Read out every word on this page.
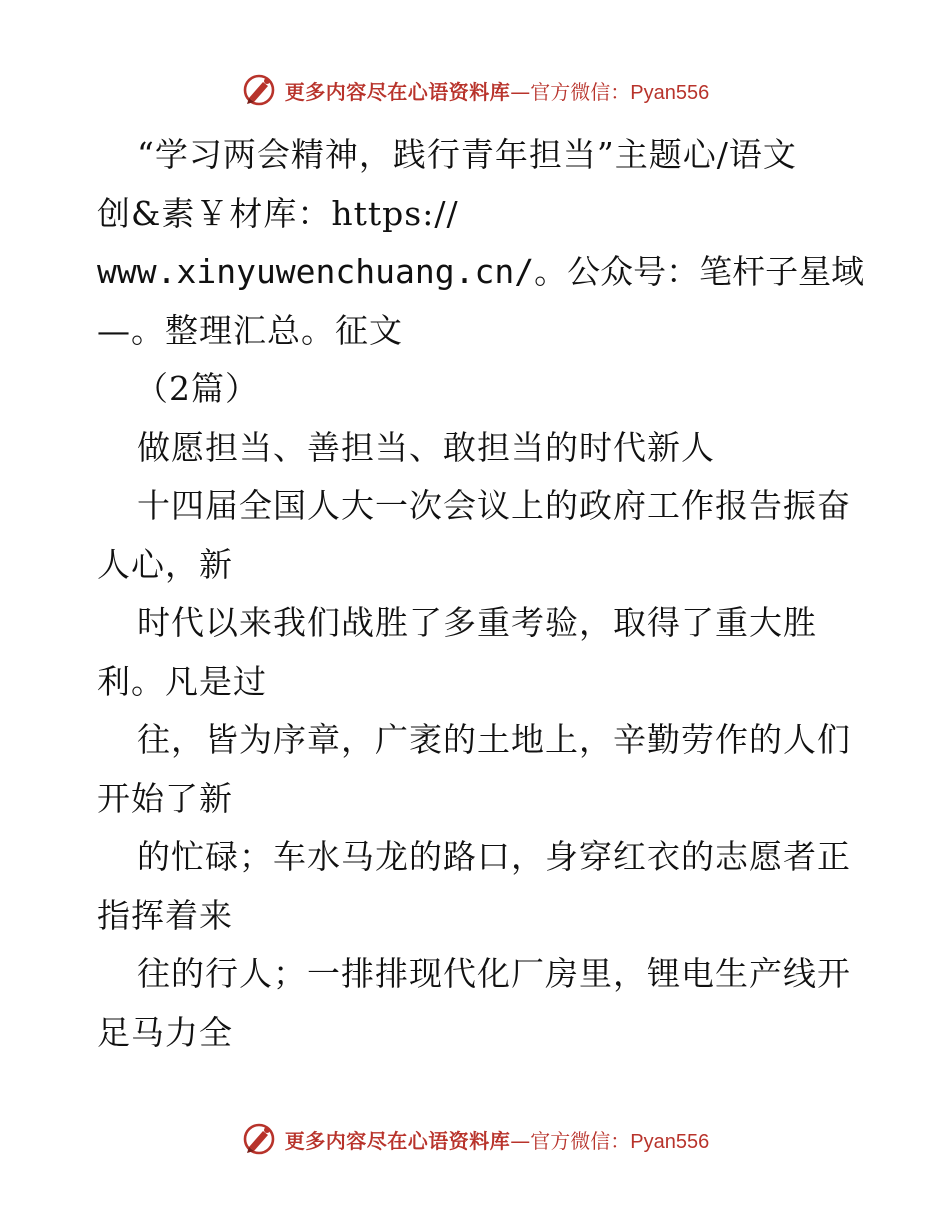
更多内容尽在心语资料库 —官方微信： Pyan556
“学习两会精神，践行青年担当”主题心/语文
创&素￥材库：https://
www.xinyuwenchuang.cn/。公众号：笔杆子星域
—。整理汇总。征文
（2篇）
做愿担当、善担当、敢担当的时代新人
十四届全国人大一次会议上的政府工作报告振奋
人心，新
时代以来我们战胜了多重考验，取得了重大胜
利。凡是过
往，皆为序章，广袤的土地上，辛勤劳作的人们
开始了新
的忙碌；车水马龙的路口，身穿红衣的志愿者正
指挥着来
往的行人；一排排现代化厂房里，锂电生产线开
足马力全
更多内容尽在心语资料库 —官方微信： Pyan556
